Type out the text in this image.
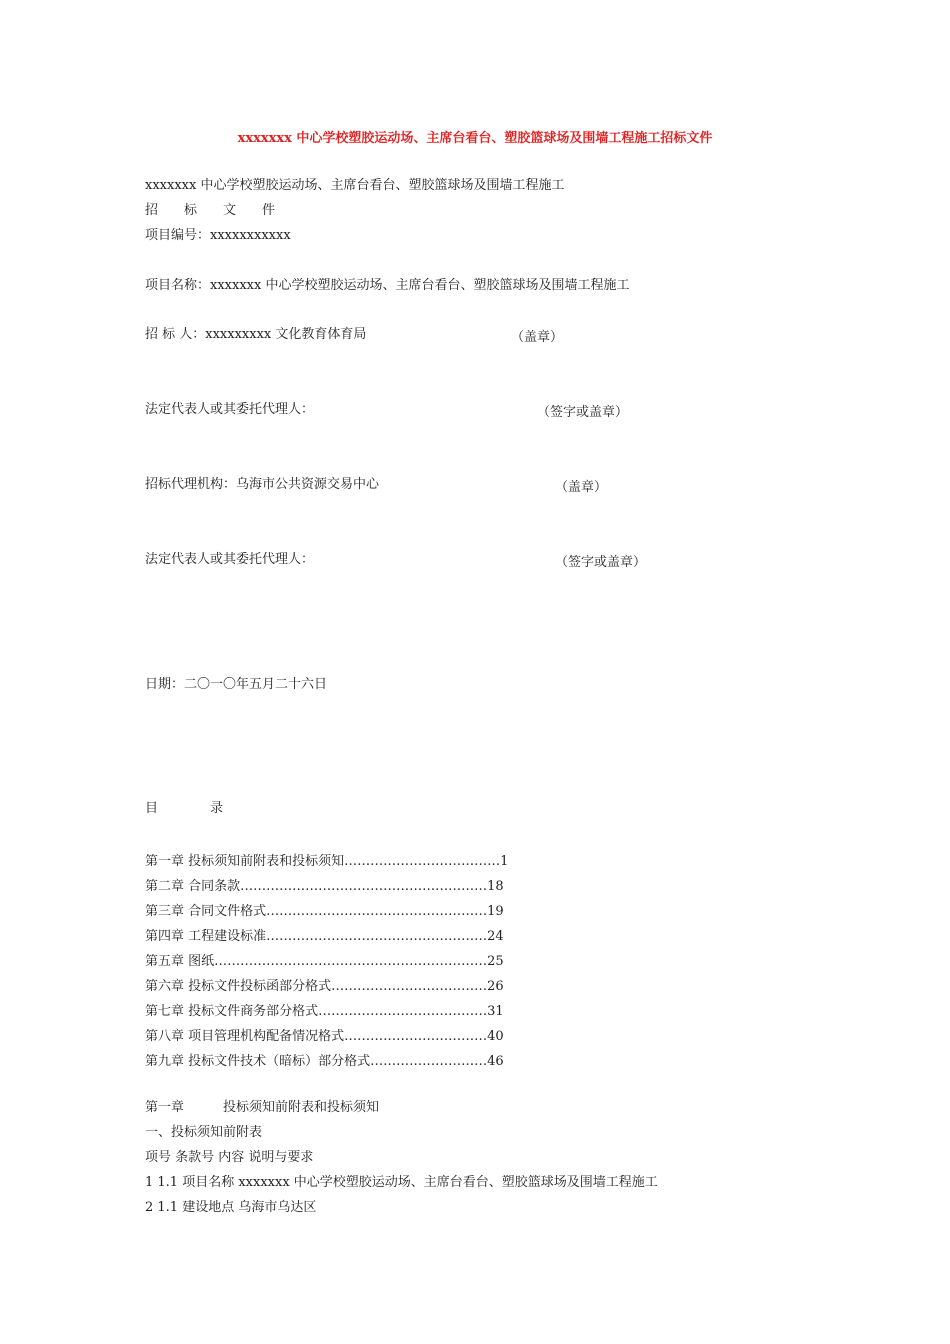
xxxxxxx 中心学校塑胶运动场、主席台看台、塑胶篮球场及围墙工程施工招标文件
xxxxxxx 中心学校塑胶运动场、主席台看台、塑胶篮球场及围墙工程施工
招　　标　　文　　件
项目编号：xxxxxxxxxxx
项目名称：xxxxxxx 中心学校塑胶运动场、主席台看台、塑胶篮球场及围墙工程施工
招 标 人：xxxxxxxxx 文化教育体育局	（盖章）
法定代表人或其委托代理人：	（签字或盖章）
招标代理机构：乌海市公共资源交易中心	（盖章）
法定代表人或其委托代理人：	（签字或盖章）
日期：二〇一〇年五月二十六日
目　　　　录
第一章 投标须知前附表和投标须知………………………………1
第二章 合同条款…………………………………………………18
第三章 合同文件格式……………………………………………19
第四章 工程建设标准……………………………………………24
第五章 图纸………………………………………………………25
第六章 投标文件投标函部分格式………………………………26
第七章 投标文件商务部分格式…………………………………31
第八章 项目管理机构配备情况格式……………………………40
第九章 投标文件技术（暗标）部分格式………………………46
第一章　　　投标须知前附表和投标须知
一、投标须知前附表
项号 条款号 内容 说明与要求
1 1.1 项目名称 xxxxxxx 中心学校塑胶运动场、主席台看台、塑胶篮球场及围墙工程施工
2 1.1 建设地点 乌海市乌达区
